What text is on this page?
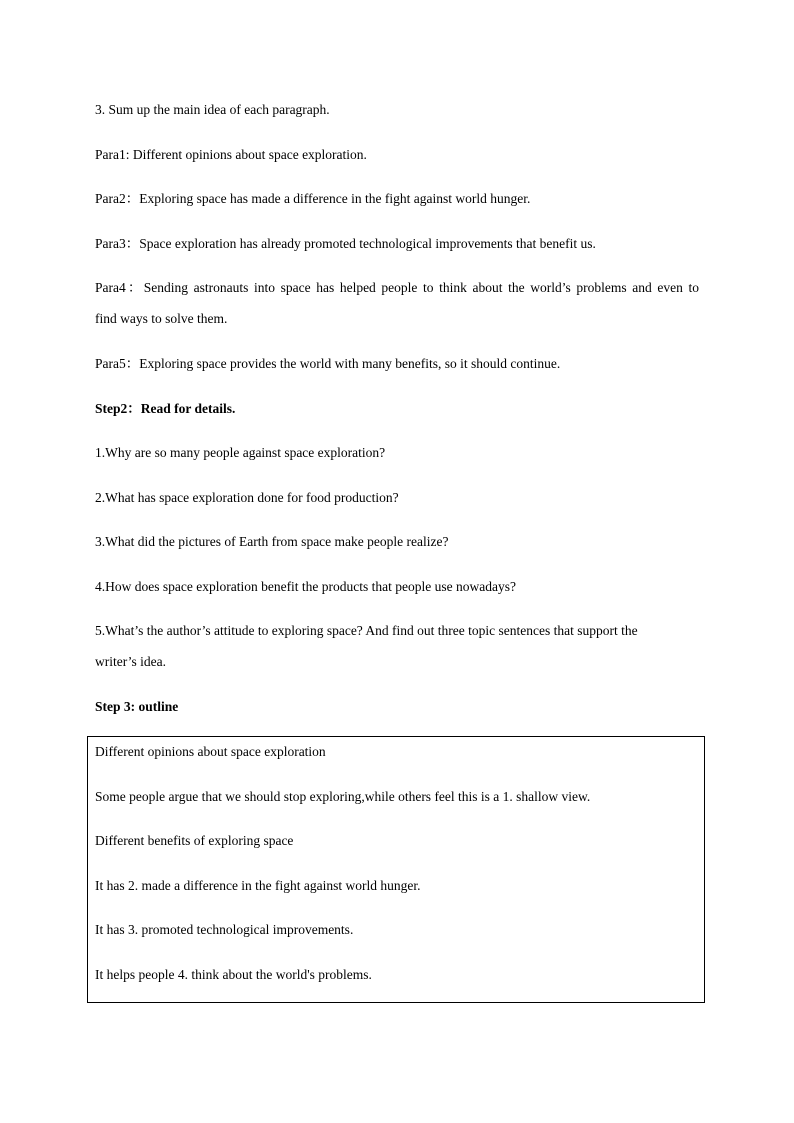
3. Sum up the main idea of each paragraph.
Para1: Different opinions about space exploration.
Para2：Exploring space has made a difference in the fight against world hunger.
Para3：Space exploration has already promoted technological improvements that benefit us.
Para4：Sending astronauts into space has helped people to think about the world’s problems and even to
find ways to solve them.
Para5：Exploring space provides the world with many benefits, so it should continue.
Step2：Read for details.
1.Why are so many people against space exploration?
2.What has space exploration done for food production?
3.What did the pictures of Earth from space make people realize?
4.How does space exploration benefit the products that people use nowadays?
5.What’s the author’s attitude to exploring space? And find out three topic sentences that support the
writer’s idea.
Step 3: outline
Different opinions about space exploration
Some people argue that we should stop exploring,while others feel this is a 1. shallow view.
Different benefits of exploring space
It has 2. made a difference in the fight against world hunger.
It has 3. promoted technological improvements.
It helps people 4. think about the world's problems.
